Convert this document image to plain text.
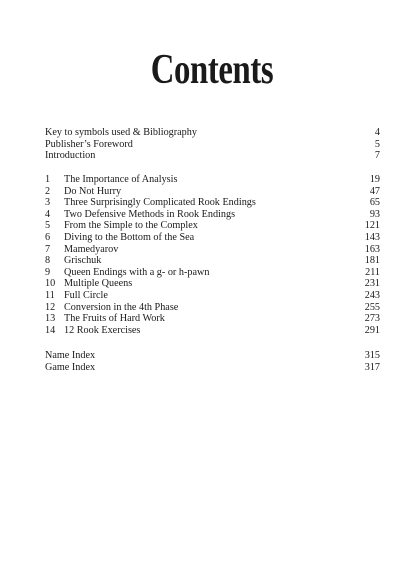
Contents
Key to symbols used & Bibliography	4
Publisher’s Foreword	5
Introduction	7
1 The Importance of Analysis	19
2 Do Not Hurry	47
3 Three Surprisingly Complicated Rook Endings	65
4 Two Defensive Methods in Rook Endings	93
5 From the Simple to the Complex	121
6 Diving to the Bottom of the Sea	143
7 Mamedyarov	163
8 Grischuk	181
9 Queen Endings with a g- or h-pawn	211
10 Multiple Queens	231
11 Full Circle	243
12 Conversion in the 4th Phase	255
13 The Fruits of Hard Work	273
14 12 Rook Exercises	291
Name Index	315
Game Index	317
